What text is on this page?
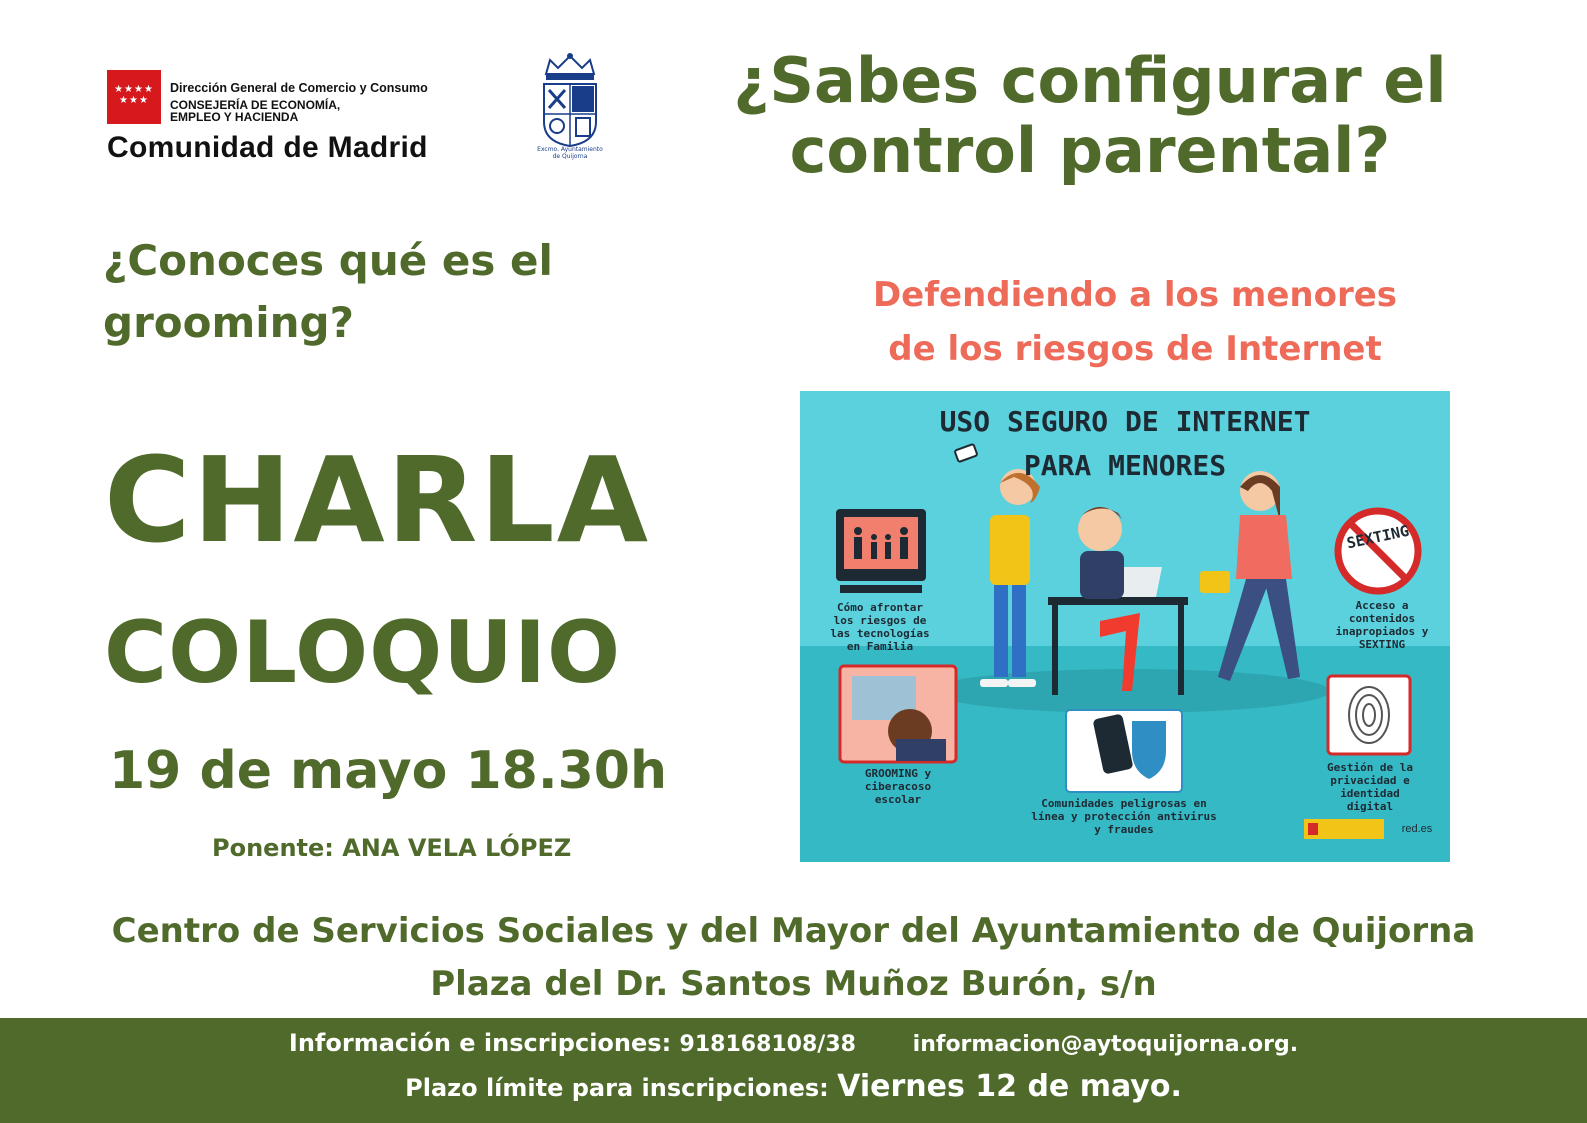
★★★★
★★★
Dirección General de Comercio y Consumo
CONSEJERÍA DE ECONOMÍA,
EMPLEO Y HACIENDA
Comunidad de Madrid	Excmo. Ayuntamiento de Quijorna
¿Sabes configurar el
control parental?
¿Conoces qué es el
grooming?
Defendiendo a los menores
de los riesgos de Internet
CHARLA
COLOQUIO
19 de mayo 18.30h
Ponente: ANA VELA LÓPEZ
USO SEGURO DE INTERNET
PARA MENORES
SEXTING
Cómo afrontar los riesgos de las tecnologías en Familia
Acceso a contenidos inapropiados y SEXTING
GROOMING y ciberacoso escolar	Comunidades peligrosas en línea y protección antivirus y fraudes
Gestión de la privacidad e identidad digital
red.es
Centro de Servicios Sociales y del Mayor del Ayuntamiento de Quijorna
Plaza del Dr. Santos Muñoz Burón, s/n
Información e inscripciones: 918168108/38	informacion@aytoquijorna.org.
Plazo límite para inscripciones: Viernes 12 de mayo.
